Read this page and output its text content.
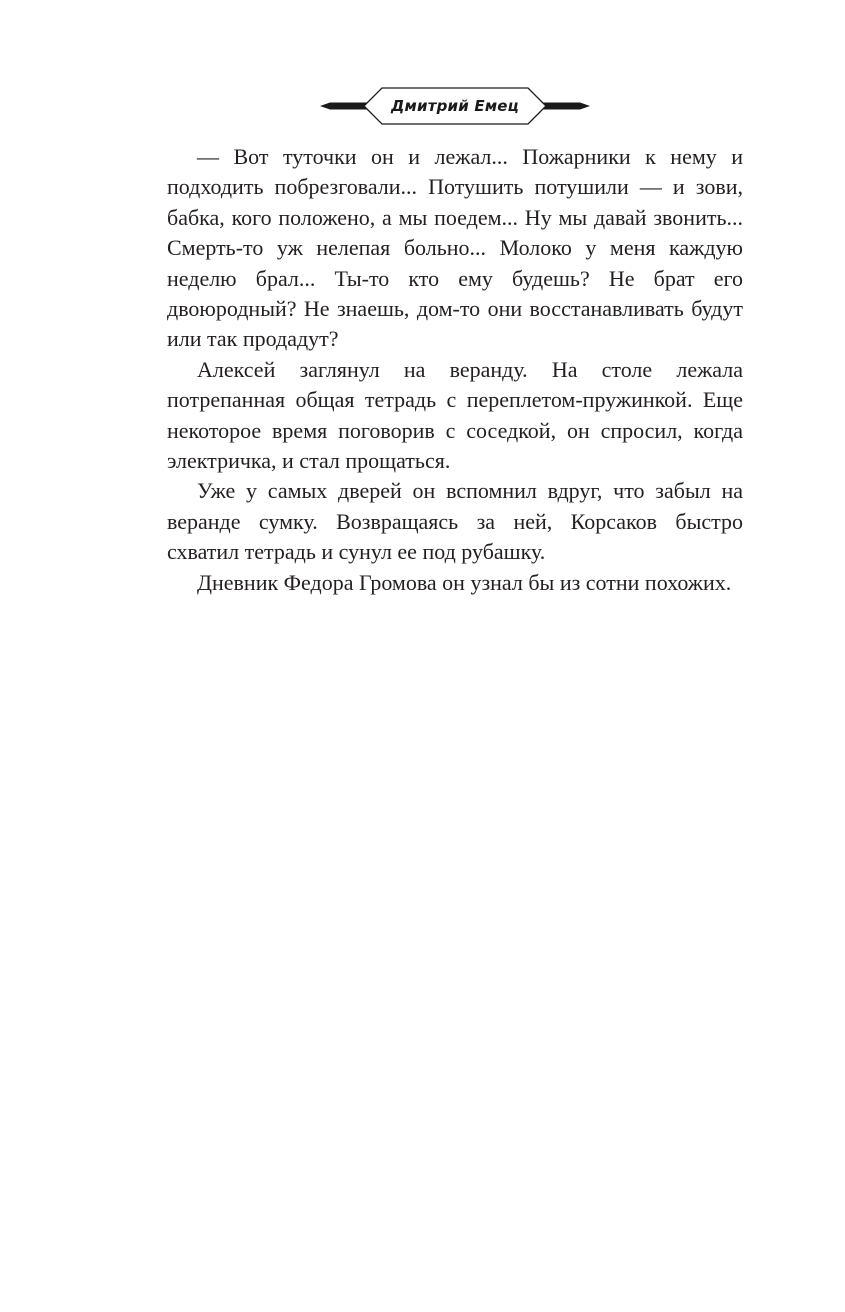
Дмитрий Емец

— Вот туточки он и лежал... Пожарники к нему и подходить побрезговали... Потушить потушили — и зови, бабка, кого положено, а мы поедем... Ну мы давай звонить... Смерть-то уж нелепая больно... Молоко у меня каждую неделю брал... Ты-то кто ему будешь? Не брат его двоюродный? Не знаешь, дом-то они восстанавливать будут или так продадут?

Алексей заглянул на веранду. На столе лежала потрепанная общая тетрадь с переплетом-пружинкой. Еще некоторое время поговорив с соседкой, он спросил, когда электричка, и стал прощаться.

Уже у самых дверей он вспомнил вдруг, что забыл на веранде сумку. Возвращаясь за ней, Корсаков быстро схватил тетрадь и сунул ее под рубашку.

Дневник Федора Громова он узнал бы из сотни похожих.
